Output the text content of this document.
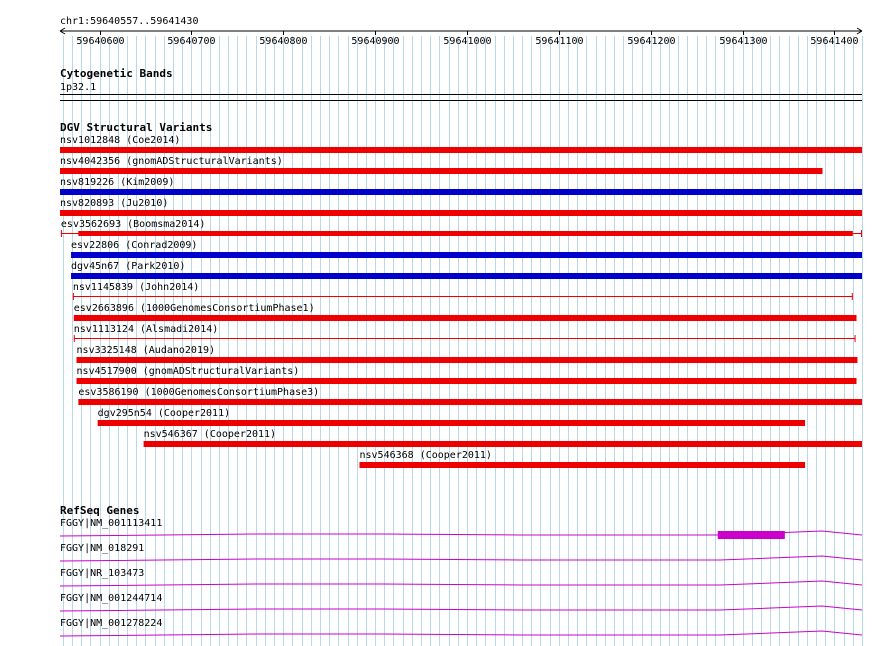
chr1:59640557..59641430
59640600	59640700	59640800	59640900	59641000	59641100	59641200	59641300	59641400
Cytogenetic Bands
1p32.1
DGV Structural Variants
nsv1012848 (Coe2014)
nsv4042356 (gnomADStructuralVariants)
nsv819226 (Kim2009)
nsv820893 (Ju2010)
esv3562693 (Boomsma2014)
esv22806 (Conrad2009)
dgv45n67 (Park2010)
nsv1145839 (John2014)
esv2663896 (1000GenomesConsortiumPhase1)
nsv1113124 (Alsmadi2014)
nsv3325148 (Audano2019)
nsv4517900 (gnomADStructuralVariants)
esv3586190 (1000GenomesConsortiumPhase3)
dgv295n54 (Cooper2011)
nsv546367 (Cooper2011)
nsv546368 (Cooper2011)
RefSeq Genes
FGGY|NM_001113411
FGGY|NM_018291
FGGY|NR_103473
FGGY|NM_001244714
FGGY|NM_001278224
